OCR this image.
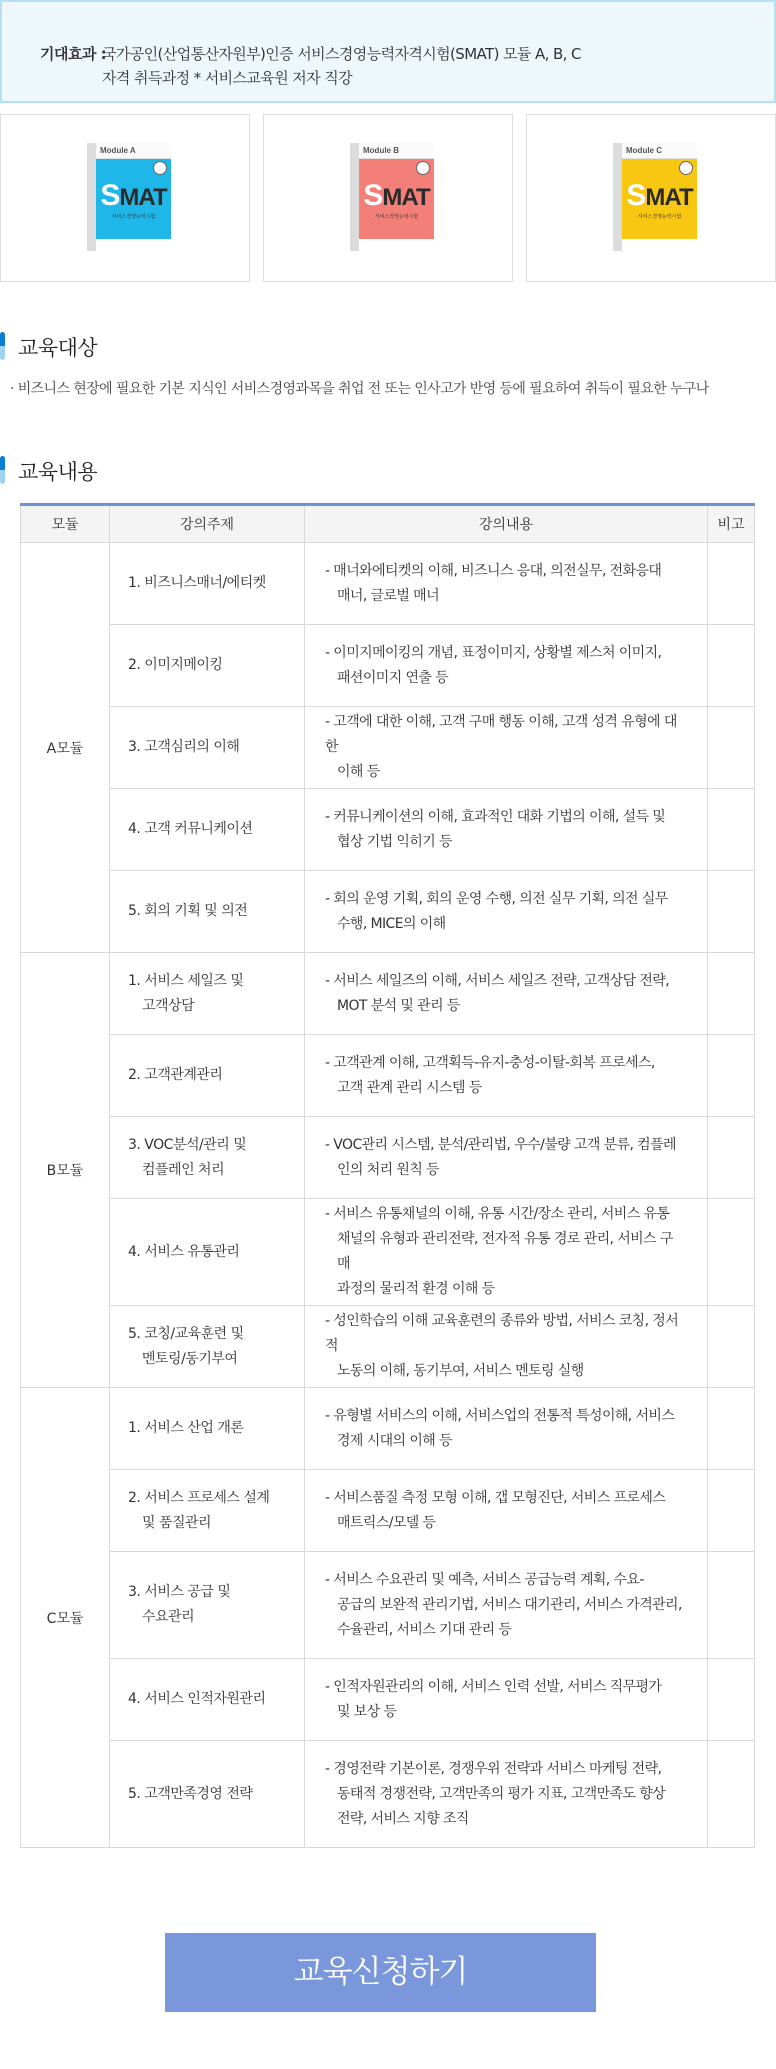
기대효과 :
국가공인(산업통산자원부)인증 서비스경영능력자격시험(SMAT) 모듈 A, B, C
자격 취득과정 * 서비스교육원 저자 직강
Module A
SMAT
서비스경영능력시험
Module B
SMAT
서비스경영능력시험
Module C
SMAT
서비스경영능력시험
교육대상
· 비즈니스 현장에 필요한 기본 지식인 서비스경영과목을 취업 전 또는 인사고가 반영 등에 필요하여 취득이 필요한 누구나
교육내용
모듈	강의주제	강의내용	비고
A모듈	1. 비즈니스매너/에티켓	- 매너와에티켓의 이해, 비즈니스 응대, 의전실무, 전화응대
매너, 글로벌 매너	

	2. 이미지메이킹	- 이미지메이킹의 개념, 표정이미지, 상황별 제스처 이미지,
패션이미지 연출 등	

	3. 고객심리의 이해	- 고객에 대한 이해, 고객 구매 행동 이해, 고객 성격 유형에 대한
이해 등	

	4. 고객 커뮤니케이션	- 커뮤니케이션의 이해, 효과적인 대화 기법의 이해, 설득 및
협상 기법 익히기 등	

	5. 회의 기획 및 의전	- 회의 운영 기획, 회의 운영 수행, 의전 실무 기획, 의전 실무
수행, MICE의 이해	

B모듈	1. 서비스 세일즈 및
고객상담	- 서비스 세일즈의 이해, 서비스 세일즈 전략, 고객상담 전략,
MOT 분석 및 관리 등	

	2. 고객관계관리	- 고객관계 이해, 고객획득-유지-충성-이탈-회복 프로세스,
고객 관계 관리 시스템 등	

	3. VOC분석/관리 및
컴플레인 처리	- VOC관리 시스템, 분석/관리법, 우수/불량 고객 분류, 컴플레
인의 처리 원칙 등	

	4. 서비스 유통관리	- 서비스 유통채널의 이해, 유통 시간/장소 관리, 서비스 유통
채널의 유형과 관리전략, 전자적 유통 경로 관리, 서비스 구매
과정의 물리적 환경 이해 등	

	5. 코칭/교육훈련 및
멘토링/동기부여	- 성인학습의 이해 교육훈련의 종류와 방법, 서비스 코칭, 정서적
노동의 이해, 동기부여, 서비스 멘토링 실행	

C모듈	1. 서비스 산업 개론	- 유형별 서비스의 이해, 서비스업의 전통적 특성이해, 서비스
경제 시대의 이해 등	

	2. 서비스 프로세스 설계
및 품질관리	- 서비스품질 측정 모형 이해, 갭 모형진단, 서비스 프로세스
매트릭스/모델 등	

	3. 서비스 공급 및
수요관리	- 서비스 수요관리 및 예측, 서비스 공급능력 계획, 수요-
공급의 보완적 관리기법, 서비스 대기관리, 서비스 가격관리,
수율관리, 서비스 기대 관리 등	

	4. 서비스 인적자원관리	- 인적자원관리의 이해, 서비스 인력 선발, 서비스 직무평가
및 보상 등	

	5. 고객만족경영 전략	- 경영전략 기본이론, 경쟁우위 전략과 서비스 마케팅 전략,
동태적 경쟁전략, 고객만족의 평가 지표, 고객만족도 향상
전략, 서비스 지향 조직	

교육신청하기
